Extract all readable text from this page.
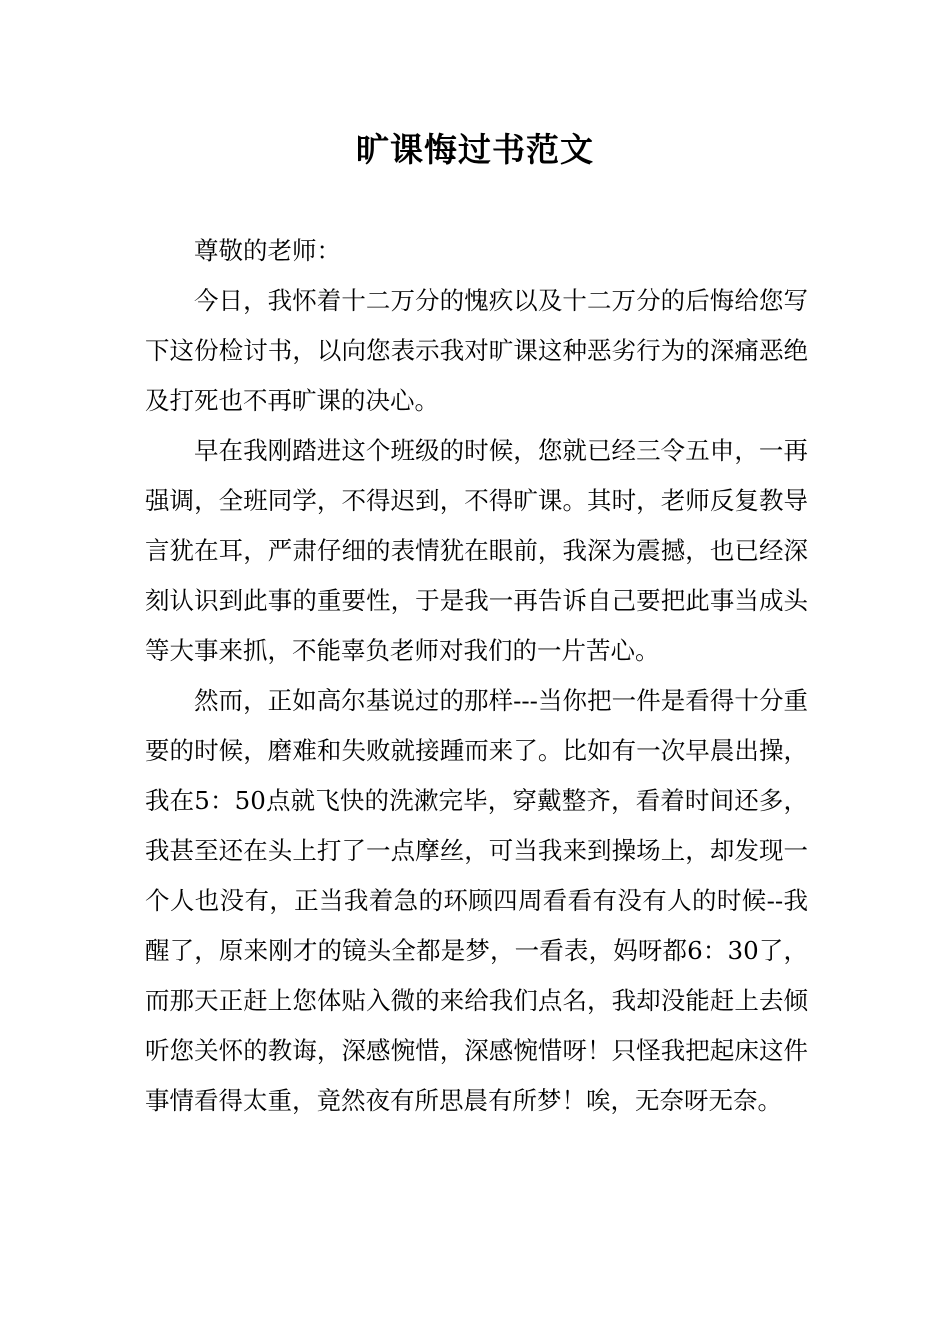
旷课悔过书范文

尊敬的老师：

今日，我怀着十二万分的愧疚以及十二万分的后悔给您写下这份检讨书，以向您表示我对旷课这种恶劣行为的深痛恶绝及打死也不再旷课的决心。

早在我刚踏进这个班级的时候，您就已经三令五申，一再强调，全班同学，不得迟到，不得旷课。其时，老师反复教导言犹在耳，严肃仔细的表情犹在眼前，我深为震撼，也已经深刻认识到此事的重要性，于是我一再告诉自己要把此事当成头等大事来抓，不能辜负老师对我们的一片苦心。

然而，正如高尔基说过的那样---当你把一件是看得十分重要的时候，磨难和失败就接踵而来了。比如有一次早晨出操，我在5：50点就飞快的洗漱完毕，穿戴整齐，看着时间还多，我甚至还在头上打了一点摩丝，可当我来到操场上，却发现一个人也没有，正当我着急的环顾四周看看有没有人的时候--我醒了，原来刚才的镜头全都是梦，一看表，妈呀都6：30了，而那天正赶上您体贴入微的来给我们点名，我却没能赶上去倾听您关怀的教诲，深感惋惜，深感惋惜呀！只怪我把起床这件事情看得太重，竟然夜有所思晨有所梦！唉，无奈呀无奈。
